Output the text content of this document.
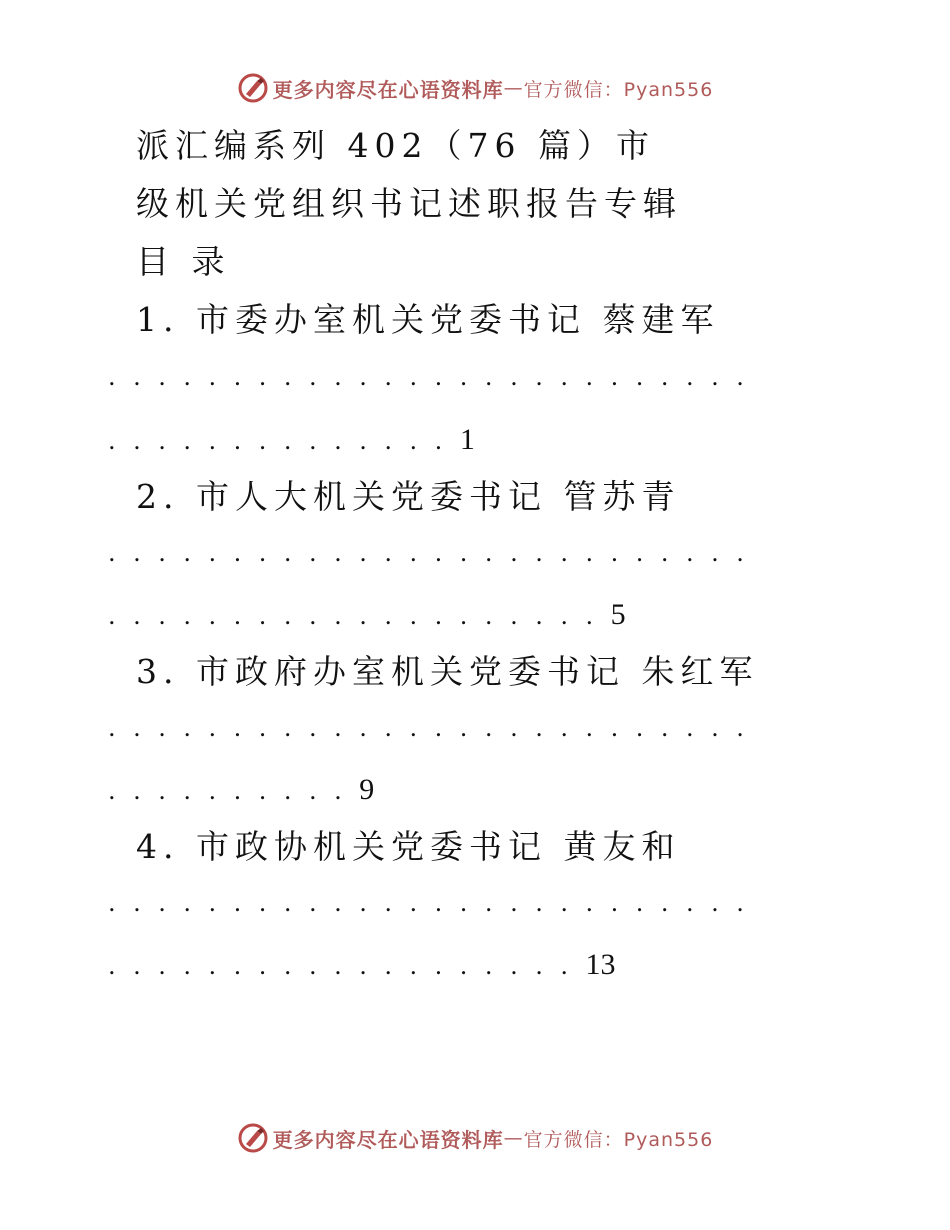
更多内容尽在心语资料库 — 官方微信：Pyan556
派汇编系列 402（76 篇）市
级机关党组织书记述职报告专辑
目 录
1. 市委办室机关党委书记 蔡建军
..........................
..............1
2. 市人大机关党委书记 管苏青
..........................
....................5
3. 市政府办室机关党委书记 朱红军
..........................
..........9
4. 市政协机关党委书记 黄友和
..........................
...................13
更多内容尽在心语资料库 — 官方微信：Pyan556
